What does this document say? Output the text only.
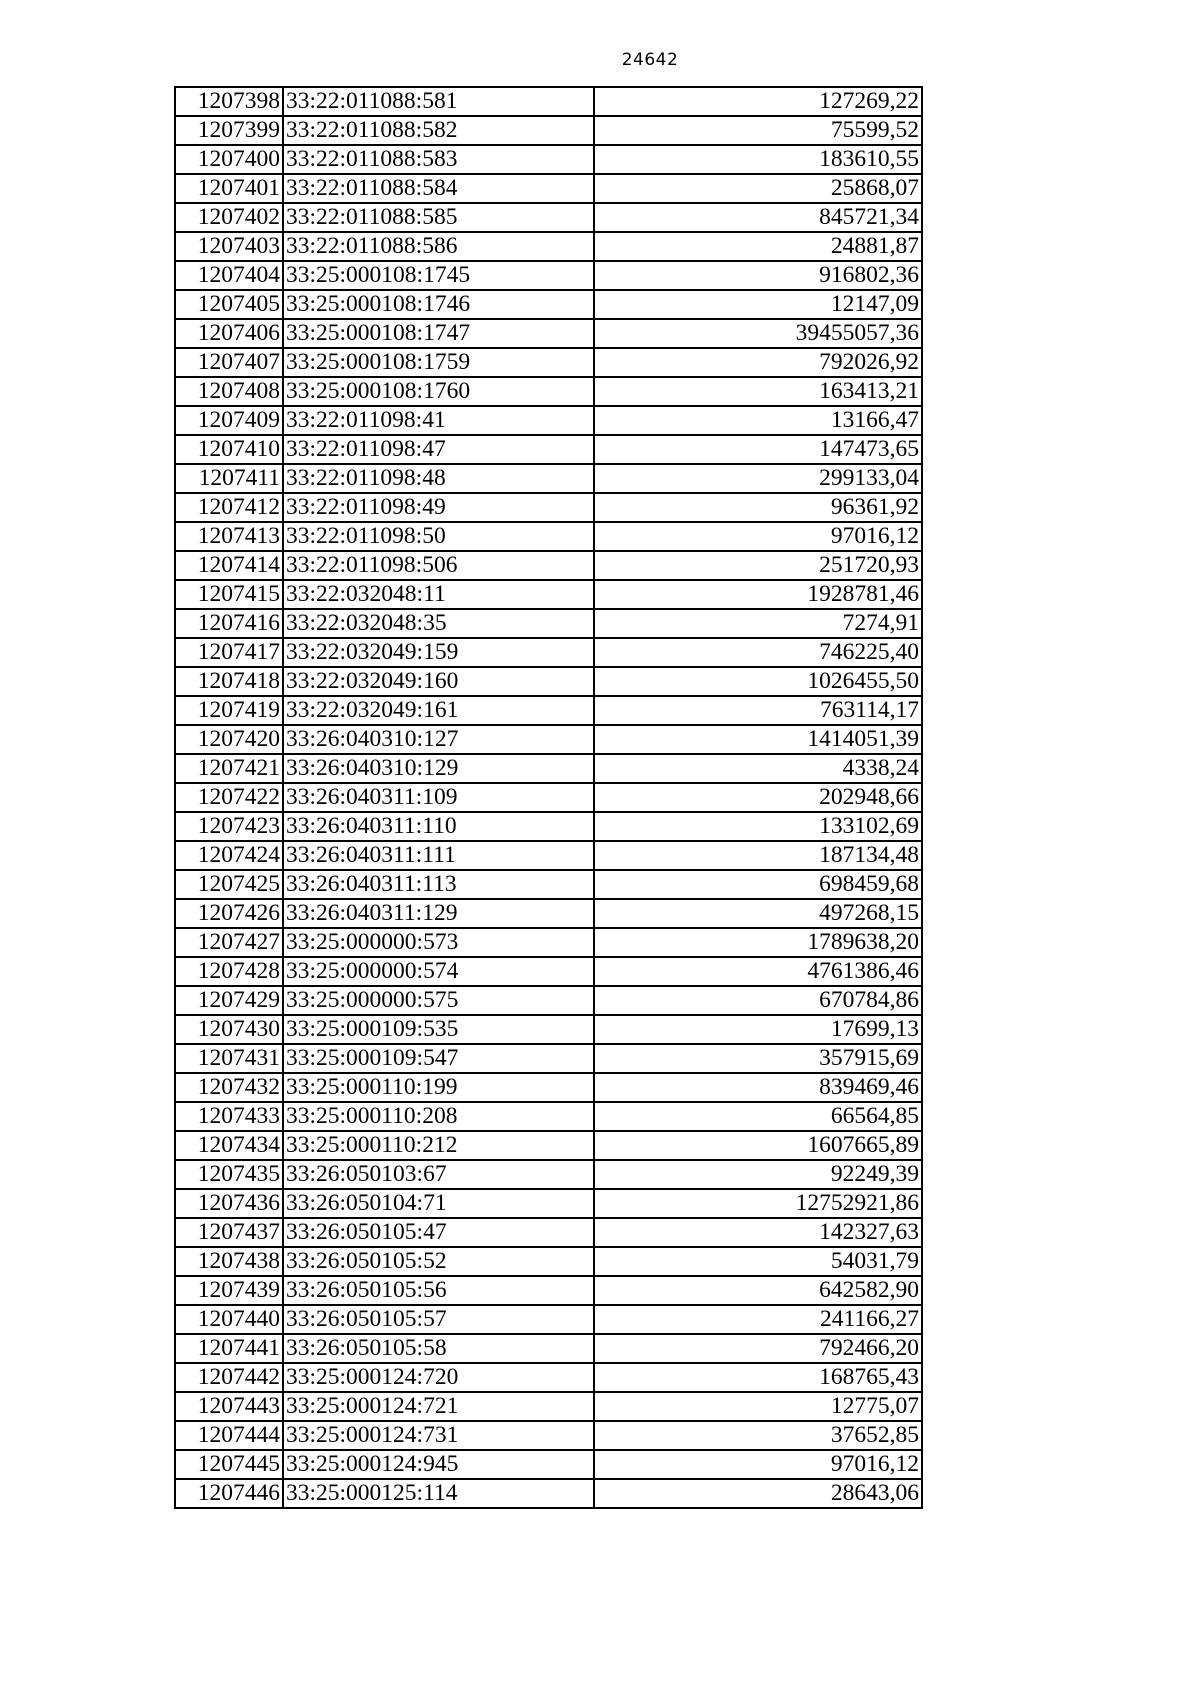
24642
1207398	33:22:011088:581	127269,22
1207399	33:22:011088:582	75599,52
1207400	33:22:011088:583	183610,55
1207401	33:22:011088:584	25868,07
1207402	33:22:011088:585	845721,34
1207403	33:22:011088:586	24881,87
1207404	33:25:000108:1745	916802,36
1207405	33:25:000108:1746	12147,09
1207406	33:25:000108:1747	39455057,36
1207407	33:25:000108:1759	792026,92
1207408	33:25:000108:1760	163413,21
1207409	33:22:011098:41	13166,47
1207410	33:22:011098:47	147473,65
1207411	33:22:011098:48	299133,04
1207412	33:22:011098:49	96361,92
1207413	33:22:011098:50	97016,12
1207414	33:22:011098:506	251720,93
1207415	33:22:032048:11	1928781,46
1207416	33:22:032048:35	7274,91
1207417	33:22:032049:159	746225,40
1207418	33:22:032049:160	1026455,50
1207419	33:22:032049:161	763114,17
1207420	33:26:040310:127	1414051,39
1207421	33:26:040310:129	4338,24
1207422	33:26:040311:109	202948,66
1207423	33:26:040311:110	133102,69
1207424	33:26:040311:111	187134,48
1207425	33:26:040311:113	698459,68
1207426	33:26:040311:129	497268,15
1207427	33:25:000000:573	1789638,20
1207428	33:25:000000:574	4761386,46
1207429	33:25:000000:575	670784,86
1207430	33:25:000109:535	17699,13
1207431	33:25:000109:547	357915,69
1207432	33:25:000110:199	839469,46
1207433	33:25:000110:208	66564,85
1207434	33:25:000110:212	1607665,89
1207435	33:26:050103:67	92249,39
1207436	33:26:050104:71	12752921,86
1207437	33:26:050105:47	142327,63
1207438	33:26:050105:52	54031,79
1207439	33:26:050105:56	642582,90
1207440	33:26:050105:57	241166,27
1207441	33:26:050105:58	792466,20
1207442	33:25:000124:720	168765,43
1207443	33:25:000124:721	12775,07
1207444	33:25:000124:731	37652,85
1207445	33:25:000124:945	97016,12
1207446	33:25:000125:114	28643,06
